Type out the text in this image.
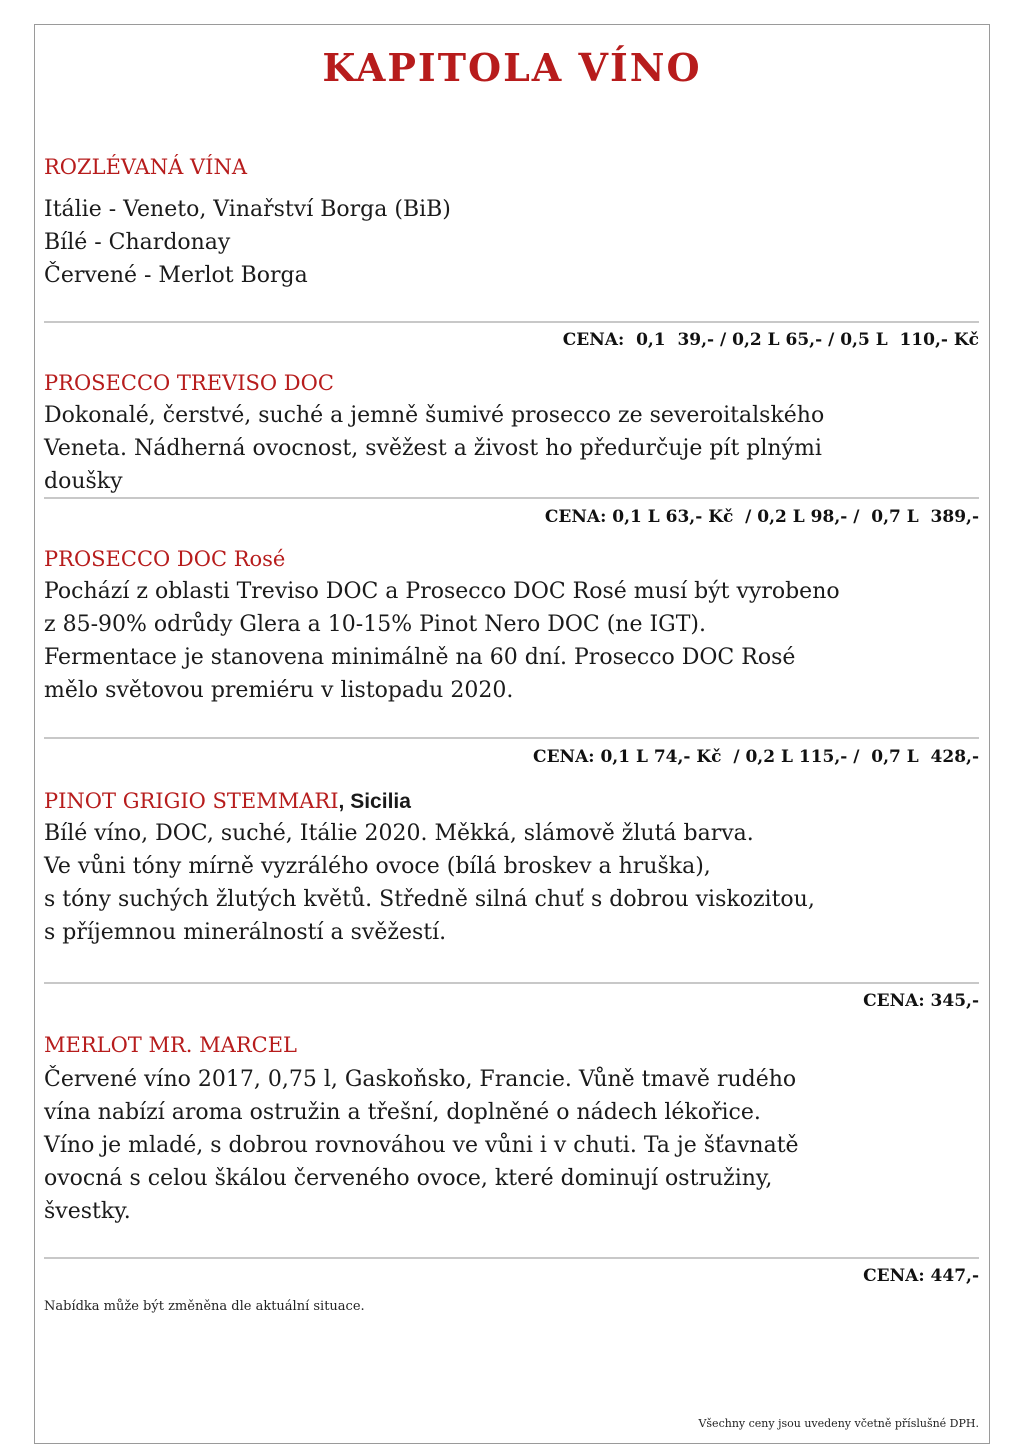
KAPITOLA VÍNO
ROZLÉVANÁ VÍNA
Itálie - Veneto, Vinařství Borga (BiB)
Bílé - Chardonay
Červené - Merlot Borga
CENA:  0,1  39,- / 0,2 L 65,- / 0,5 L  110,- Kč
PROSECCO TREVISO DOC
Dokonalé, čerstvé, suché a jemně šumivé prosecco ze severoitalského
Veneta. Nádherná ovocnost, svěžest a živost ho předurčuje pít plnými
doušky
CENA: 0,1 L 63,- Kč  / 0,2 L 98,- /  0,7 L  389,-
PROSECCO DOC Rosé
Pochází z oblasti Treviso DOC a Prosecco DOC Rosé musí být vyrobeno
z 85-90% odrůdy Glera a 10-15% Pinot Nero DOC (ne IGT).
Fermentace je stanovena minimálně na 60 dní. Prosecco DOC Rosé
mělo světovou premiéru v listopadu 2020.
CENA: 0,1 L 74,- Kč  / 0,2 L 115,- /  0,7 L  428,-
PINOT GRIGIO STEMMARI, Sicilia
Bílé víno, DOC, suché, Itálie 2020. Měkká, slámově žlutá barva.
Ve vůni tóny mírně vyzrálého ovoce (bílá broskev a hruška),
s tóny suchých žlutých květů. Středně silná chuť s dobrou viskozitou,
s příjemnou minerálností a svěžestí.
CENA: 345,-
MERLOT MR. MARCEL
Červené víno 2017, 0,75 l, Gaskoňsko, Francie. Vůně tmavě rudého
vína nabízí aroma ostružin a třešní, doplněné o nádech lékořice.
Víno je mladé, s dobrou rovnováhou ve vůni i v chuti. Ta je šťavnatě
ovocná s celou škálou červeného ovoce, které dominují ostružiny,
švestky.
CENA: 447,-
Nabídka může být změněna dle aktuální situace.
Všechny ceny jsou uvedeny včetně příslušné DPH.
